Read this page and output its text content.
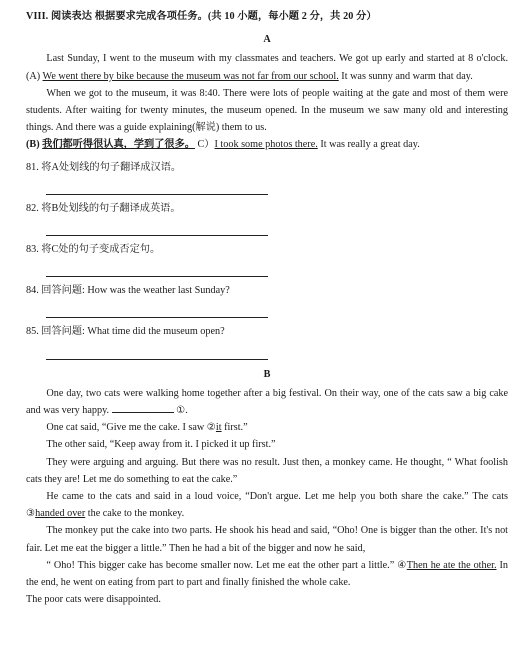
VIII. 阅读表达 根据要求完成各项任务。(共 10 小题，每小题 2 分，共 20 分）
A

Last Sunday, I went to the museum with my classmates and teachers. We got up early and started at 8 o'clock. (A) We went there by bike because the museum was not far from our school. It was sunny and warm that day.

When we got to the museum, it was 8:40. There were lots of people waiting at the gate and most of them were students. After waiting for twenty minutes, the museum opened. In the museum we saw many old and interesting things. And there was a guide explaining(解说) them to us.

(B) 我们都听得很认真，学到了很多。 C）I took some photos there. It was really a great day.

81. 将A处划线的句子翻译成汉语。
82. 将B处划线的句子翻译成英语。
83. 将C处的句子变成否定句。
84. 回答问题: How was the weather last Sunday?
85. 回答问题: What time did the museum open?
B

One day, two cats were walking home together after a big festival. On their way, one of the cats saw a big cake and was very happy.	①.

One cat said, “Give me the cake. I saw ②it first.”

The other said, “Keep away from it. I picked it up first.”

They were arguing and arguing. But there was no result. Just then, a monkey came. He thought, “ What foolish cats they are! Let me do something to eat the cake.”

He came to the cats and said in a loud voice, “Don't argue. Let me help you both share the cake.” The cats ③handed over the cake to the monkey.

The monkey put the cake into two parts. He shook his head and said, “Oho! One is bigger than the other. It's not fair. Let me eat the bigger a little.” Then he had a bit of the bigger and now he said,

“ Oho! This bigger cake has become smaller now. Let me eat the other part a little.” ④Then he ate the other. In the end, he went on eating from part to part and finally finished the whole cake.

The poor cats were disappointed.
